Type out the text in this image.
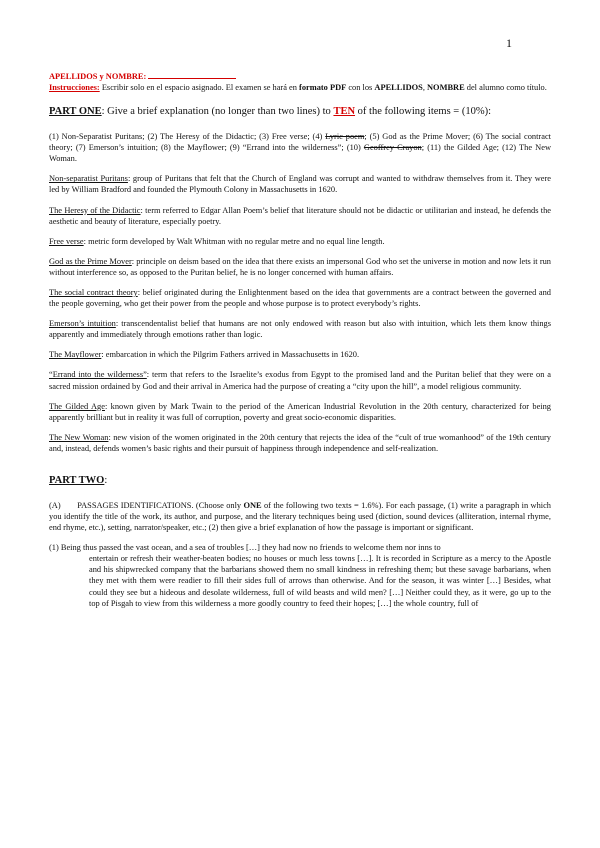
1

APELLIDOS y NOMBRE:

Instrucciones: Escribir solo en el espacio asignado. El examen se hará en formato PDF con los APELLIDOS, NOMBRE del alumno como título.

PART ONE: Give a brief explanation (no longer than two lines) to TEN of the following items = (10%):

(1) Non-Separatist Puritans; (2) The Heresy of the Didactic; (3) Free verse; (4) Lyric poem; (5) God as the Prime Mover; (6) The social contract theory; (7) Emerson’s intuition; (8) the Mayflower; (9) “Errand into the wilderness”; (10) Geoffrey Crayon; (11) the Gilded Age; (12) The New Woman.

Non-separatist Puritans: group of Puritans that felt that the Church of England was corrupt and wanted to withdraw themselves from it. They were led by William Bradford and founded the Plymouth Colony in Massachusetts in 1620.

The Heresy of the Didactic: term referred to Edgar Allan Poem’s belief that literature should not be didactic or utilitarian and instead, he defends the aesthetic and beauty of literature, especially poetry.

Free verse: metric form developed by Walt Whitman with no regular metre and no equal line length.

God as the Prime Mover: principle on deism based on the idea that there exists an impersonal God who set the universe in motion and now lets it run without interference so, as opposed to the Puritan belief, he is no longer concerned with human affairs.

The social contract theory: belief originated during the Enlightenment based on the idea that governments are a contract between the governed and the people governing, who get their power from the people and whose purpose is to protect everybody’s rights.

Emerson’s intuition: transcendentalist belief that humans are not only endowed with reason but also with intuition, which lets them know things apparently and immediately through emotions rather than logic.

The Mayflower: embarcation in which the Pilgrim Fathers arrived in Massachusetts in 1620.

“Errand into the wilderness”: term that refers to the Israelite’s exodus from Egypt to the promised land and the Puritan belief that they were on a sacred mission ordained by God and their arrival in America had the purpose of creating a “city upon the hill”, a model religious community.

The Gilded Age: known given by Mark Twain to the period of the American Industrial Revolution in the 20th century, characterized for being apparently brilliant but in reality it was full of corruption, poverty and great socio-economic disparities.

The New Woman: new vision of the women originated in the 20th century that rejects the idea of the “cult of true womanhood” of the 19th century and, instead, defends women’s basic rights and their pursuit of happiness through independence and self-realization.

PART TWO:

(A) PASSAGES IDENTIFICATIONS. (Choose only ONE of the following two texts = 1.6%). For each passage, (1) write a paragraph in which you identify the title of the work, its author, and purpose, and the literary techniques being used (diction, sound devices (alliteration, internal rhyme, end rhyme, etc.), setting, narrator/speaker, etc.; (2) then give a brief explanation of how the passage is important or significant.

(1) Being thus passed the vast ocean, and a sea of troubles […] they had now no friends to welcome them nor inns to

entertain or refresh their weather-beaten bodies; no houses or much less towns […]. It is recorded in Scripture as a mercy to the Apostle and his shipwrecked company that the barbarians showed them no small kindness in refreshing them; but these savage barbarians, when they met with them were readier to fill their sides full of arrows than otherwise. And for the season, it was winter […] Besides, what could they see but a hideous and desolate wilderness, full of wild beasts and wild men? […] Neither could they, as it were, go up to the top of Pisgah to view from this wilderness a more goodly country to feed their hopes; […] the whole country, full of
